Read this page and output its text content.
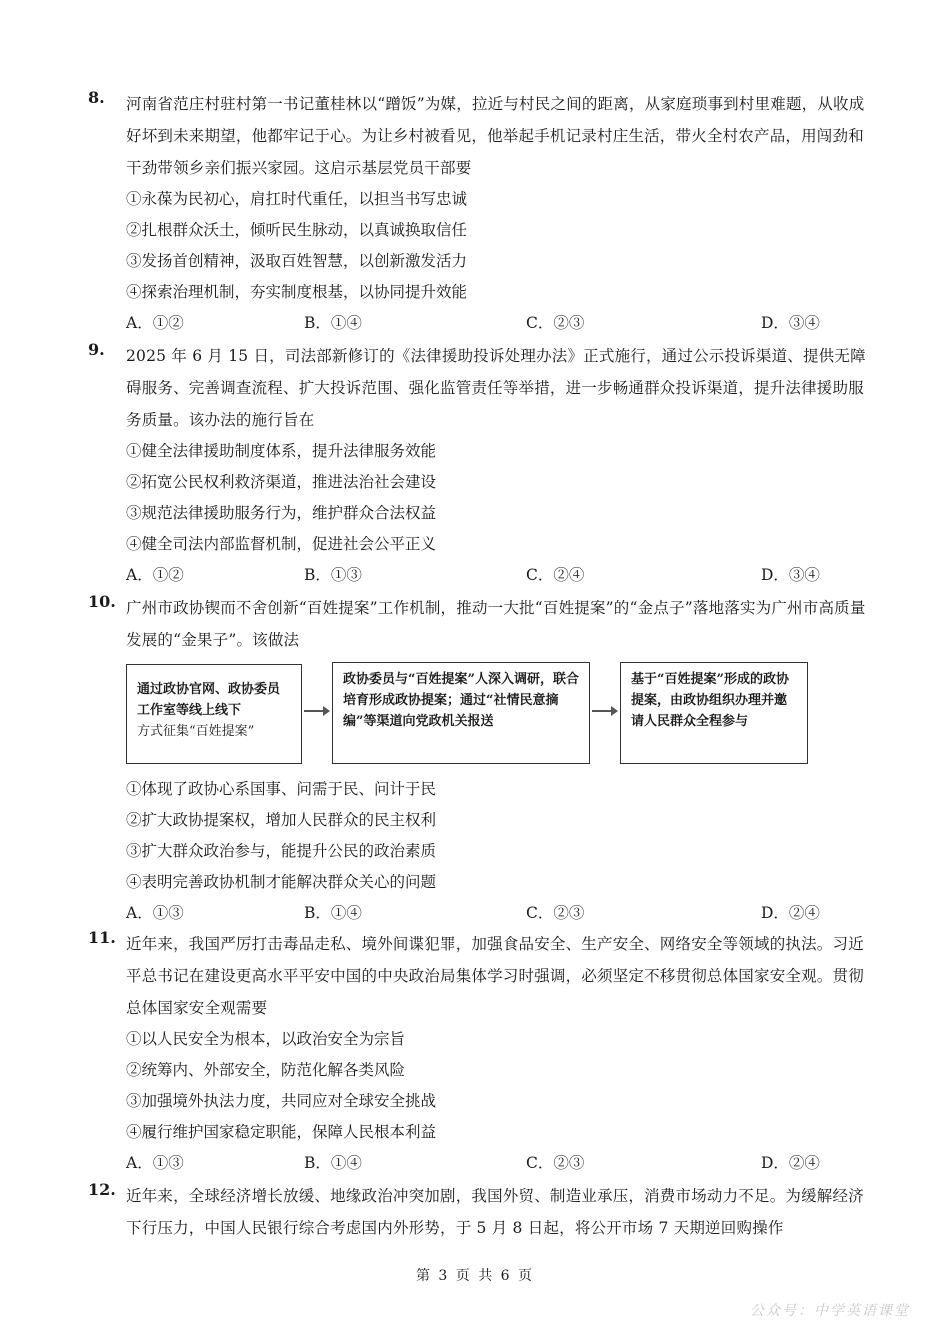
8. 河南省范庄村驻村第一书记董桂林以“蹭饭”为媒，拉近与村民之间的距离，从家庭琐事到村里难题，从收成好坏到未来期望，他都牢记于心。为让乡村被看见，他举起手机记录村庄生活，带火全村农产品，用闯劲和干劲带领乡亲们振兴家园。这启示基层党员干部要
①永葆为民初心，肩扛时代重任，以担当书写忠诚
②扎根群众沃土，倾听民生脉动，以真诚换取信任
③发扬首创精神，汲取百姓智慧，以创新激发活力
④探索治理机制，夯实制度根基，以协同提升效能
A．①②	B．①④	C．②③	D．③④
9. 2025 年 6 月 15 日，司法部新修订的《法律援助投诉处理办法》正式施行，通过公示投诉渠道、提供无障碍服务、完善调查流程、扩大投诉范围、强化监管责任等举措，进一步畅通群众投诉渠道，提升法律援助服务质量。该办法的施行旨在
①健全法律援助制度体系，提升法律服务效能
②拓宽公民权利救济渠道，推进法治社会建设
③规范法律援助服务行为，维护群众合法权益
④健全司法内部监督机制，促进社会公平正义
A．①②	B．①③	C．②④	D．③④
10. 广州市政协锲而不舍创新“百姓提案”工作机制，推动一大批“百姓提案”的“金点子”落地落实为广州市高质量发展的“金果子”。该做法
通过政协官网、政协委员工作室等线上线下
方式征集“百姓提案”
政协委员与“百姓提案”人深入调研，联合培育形成政协提案；通过“社情民意摘编”等渠道向党政机关报送
基于“百姓提案”形成的政协提案，由政协组织办理并邀请人民群众全程参与
①体现了政协心系国事、问需于民、问计于民
②扩大政协提案权，增加人民群众的民主权利
③扩大群众政治参与，能提升公民的政治素质
④表明完善政协机制才能解决群众关心的问题
A．①③	B．①④	C．②③	D．②④
11. 近年来，我国严厉打击毒品走私、境外间谍犯罪，加强食品安全、生产安全、网络安全等领域的执法。习近平总书记在建设更高水平平安中国的中央政治局集体学习时强调，必须坚定不移贯彻总体国家安全观。贯彻总体国家安全观需要
①以人民安全为根本，以政治安全为宗旨
②统筹内、外部安全，防范化解各类风险
③加强境外执法力度，共同应对全球安全挑战
④履行维护国家稳定职能，保障人民根本利益
A．①③	B．①④	C．②③	D．②④
12. 近年来，全球经济增长放缓、地缘政治冲突加剧，我国外贸、制造业承压，消费市场动力不足。为缓解经济下行压力，中国人民银行综合考虑国内外形势，于 5 月 8 日起，将公开市场 7 天期逆回购操作
第 3 页 共 6 页
公众号：中学英语课堂
